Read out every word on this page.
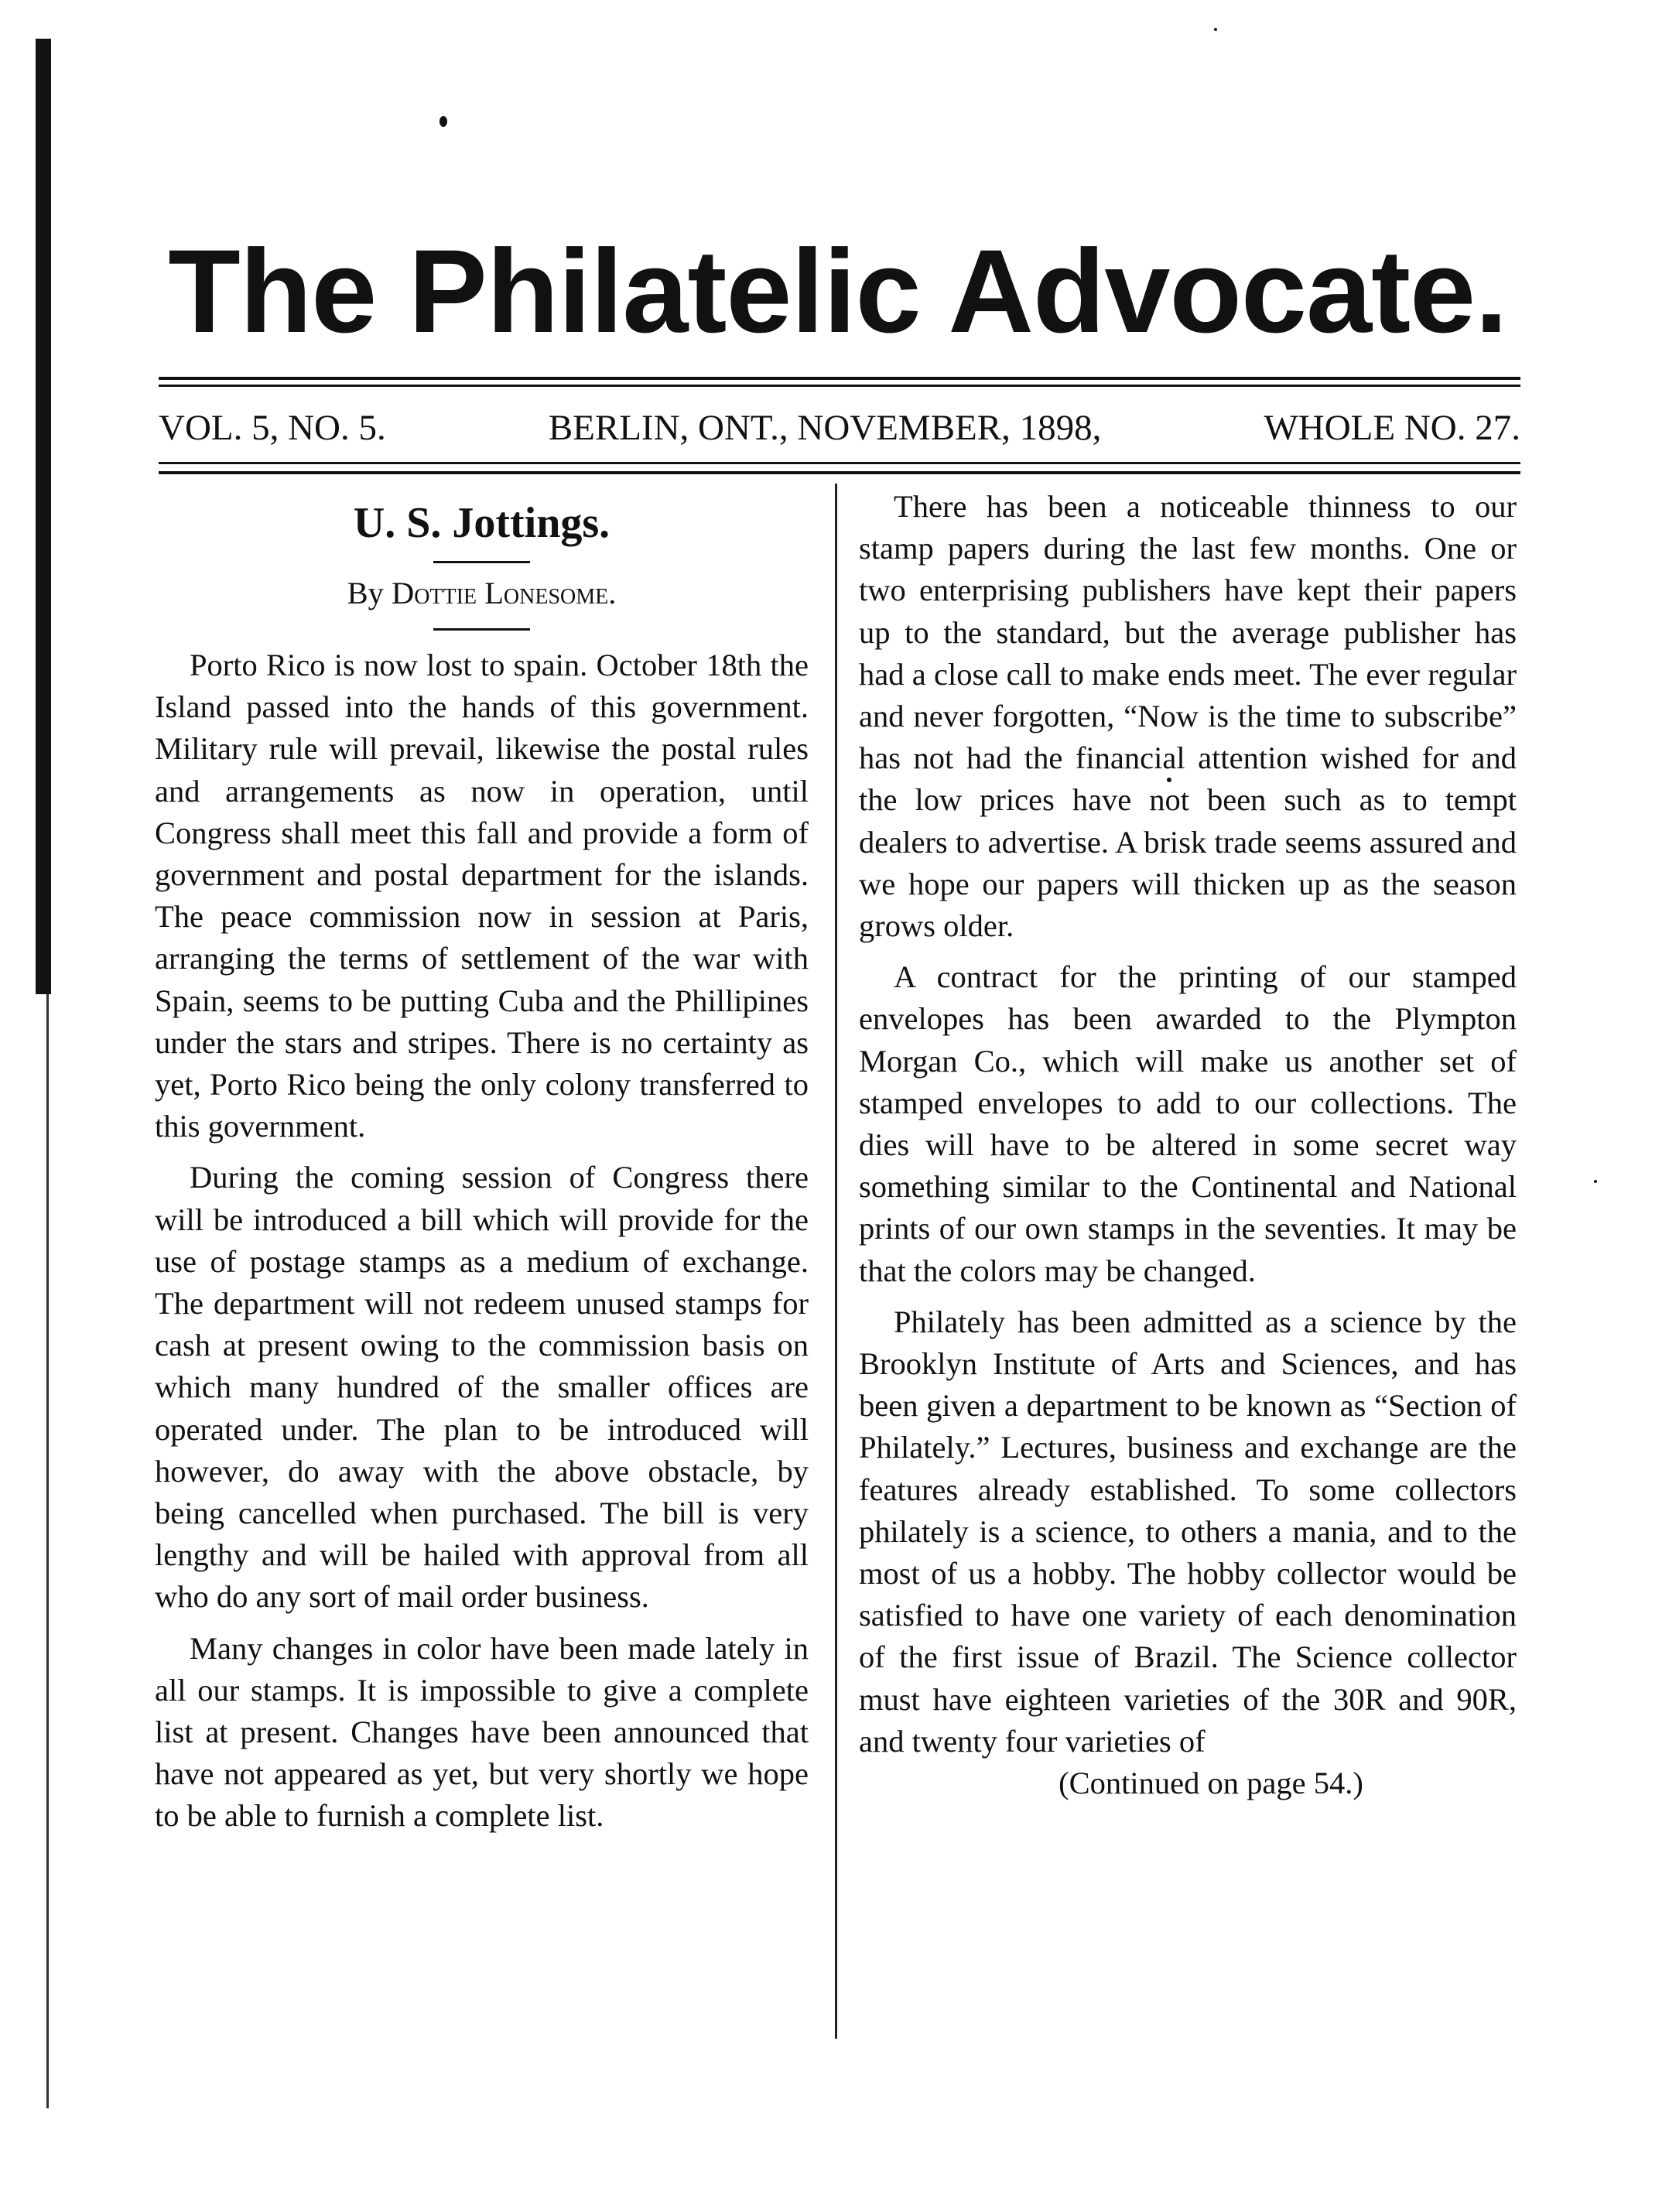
The Philatelic Advocate.
VOL. 5, NO. 5.	BERLIN, ONT., NOVEMBER, 1898,	WHOLE NO. 27.
U. S. Jottings.
By Dottie Lonesome.

Porto Rico is now lost to spain. October 18th the Island passed into the hands of this government. Military rule will prevail, likewise the postal rules and arrangements as now in operation, until Congress shall meet this fall and provide a form of government and postal department for the islands. The peace commission now in session at Paris, arranging the terms of settlement of the war with Spain, seems to be putting Cuba and the Phillipines under the stars and stripes. There is no certainty as yet, Porto Rico being the only colony transferred to this government.

During the coming session of Congress there will be introduced a bill which will provide for the use of postage stamps as a medium of exchange. The department will not redeem unused stamps for cash at present owing to the commission basis on which many hundred of the smaller offices are operated under. The plan to be introduced will however, do away with the above obstacle, by being cancelled when purchased. The bill is very lengthy and will be hailed with approval from all who do any sort of mail order business.

Many changes in color have been made lately in all our stamps. It is impossible to give a complete list at present. Changes have been announced that have not appeared as yet, but very shortly we hope to be able to furnish a complete list.

There has been a noticeable thinness to our stamp papers during the last few months. One or two enterprising publishers have kept their papers up to the standard, but the average publisher has had a close call to make ends meet. The ever regular and never forgotten, “Now is the time to subscribe” has not had the financial attention wished for and the low prices have not been such as to tempt dealers to advertise. A brisk trade seems assured and we hope our papers will thicken up as the season grows older.

A contract for the printing of our stamped envelopes has been awarded to the Plympton Morgan Co., which will make us another set of stamped envelopes to add to our collections. The dies will have to be altered in some secret way something similar to the Continental and National prints of our own stamps in the seventies. It may be that the colors may be changed.

Philately has been admitted as a science by the Brooklyn Institute of Arts and Sciences, and has been given a department to be known as “Section of Philately.” Lectures, business and exchange are the features already established. To some collectors philately is a science, to others a mania, and to the most of us a hobby. The hobby collector would be satisfied to have one variety of each denomination of the first issue of Brazil. The Science collector must have eighteen varieties of the 30R and 90R, and twenty four varieties of

(Continued on page 54.)
